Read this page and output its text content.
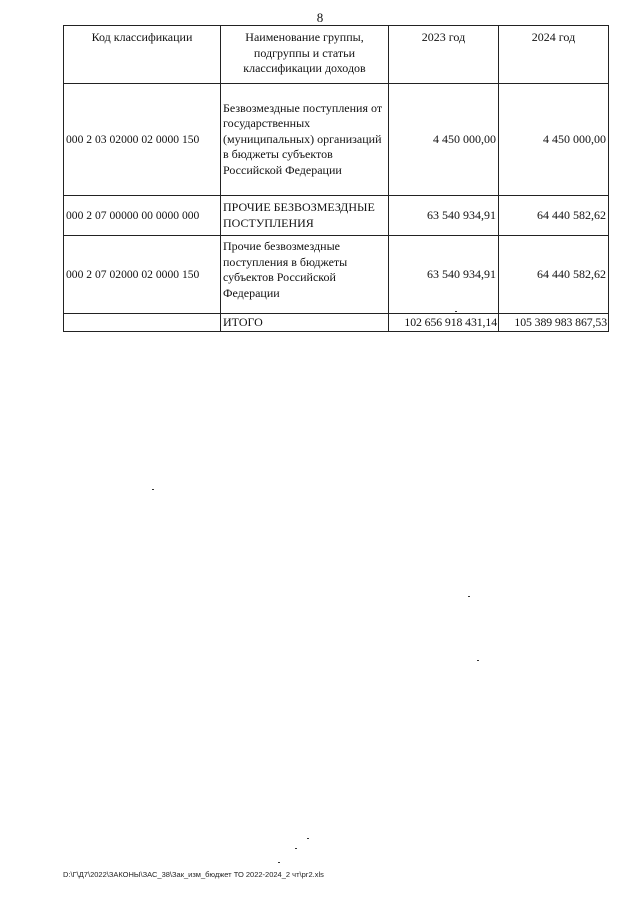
8
Код классификации	Наименование группы, подгруппы и статьи классификации доходов	2023 год	2024 год
000 2 03 02000 02 0000 150	Безвозмездные поступления от государственных (муниципальных) организаций в бюджеты субъектов Российской Федерации	4 450 000,00	4 450 000,00
000 2 07 00000 00 0000 000	ПРОЧИЕ БЕЗВОЗМЕЗДНЫЕ ПОСТУПЛЕНИЯ	63 540 934,91	64 440 582,62
000 2 07 02000 02 0000 150	Прочие безвозмездные поступления в бюджеты субъектов Российской Федерации	63 540 934,91	64 440 582,62
	ИТОГО	102 656 918 431,14	105 389 983 867,53
D:\Г\Д7\2022\ЗАКОНЫ\ЗАС_38\Зак_изм_бюджет ТО 2022-2024_2 чт\рг2.xls
